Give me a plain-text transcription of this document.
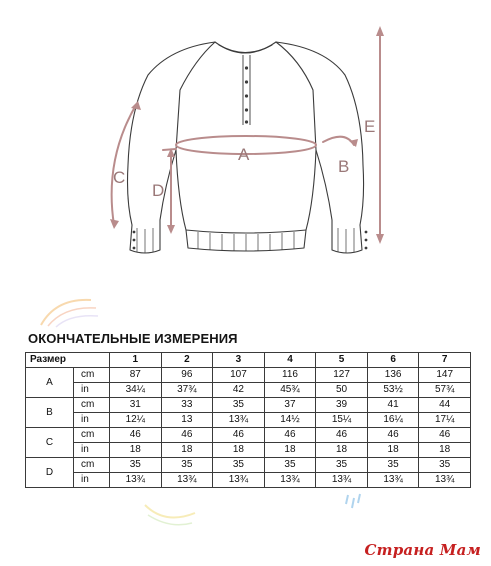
A
B
C
D
E
ОКОНЧАТЕЛЬНЫЕ ИЗМЕРЕНИЯ
Размер		1	2	3	4	5	6	7
A	cm	87	96	107	116	127	136	147
	in	34¼	37¾	42	45¾	50	53½	57¾
B	cm	31	33	35	37	39	41	44
	in	12¼	13	13¾	14½	15¼	16¼	17¼
C	cm	46	46	46	46	46	46	46
	in	18	18	18	18	18	18	18
D	cm	35	35	35	35	35	35	35
	in	13¾	13¾	13¾	13¾	13¾	13¾	13¾
Страна Мам
